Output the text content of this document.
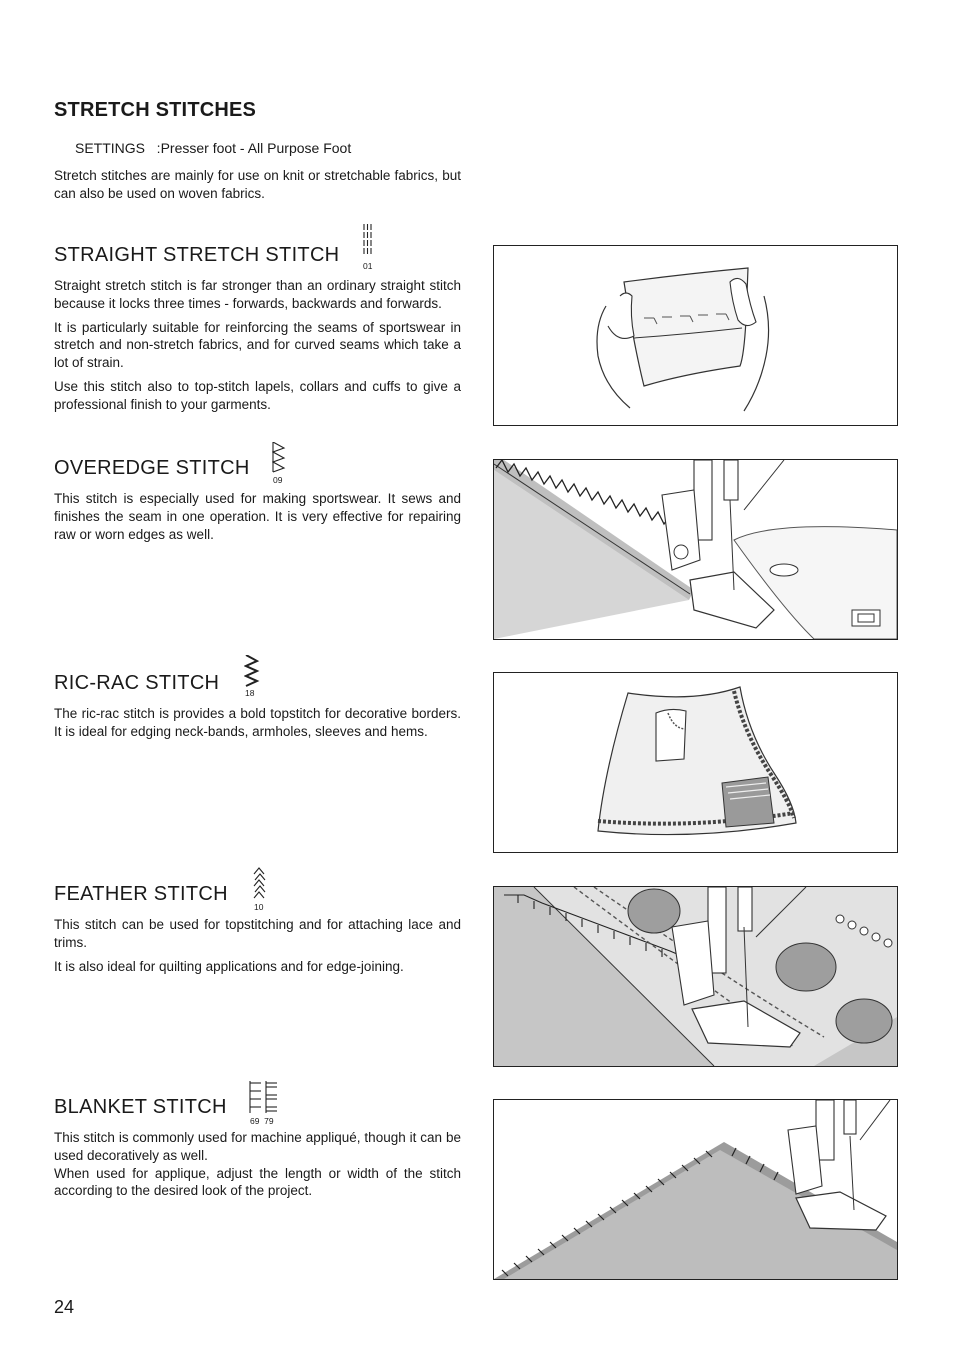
STRETCH STITCHES
SETTINGS   :Presser foot - All Purpose Foot
Stretch stitches are mainly for use on knit or stretchable fabrics, but can also be used on woven fabrics.
STRAIGHT STRETCH STITCH	01

Straight stretch stitch is far stronger than an ordinary straight stitch because it locks three times - forwards, backwards and forwards.

It is particularly suitable for reinforcing the seams of sportswear in stretch and non-stretch fabrics, and for curved seams which take a lot of strain.

Use this stitch also to top-stitch lapels, collars and cuffs to give a professional finish to your garments.

OVEREDGE STITCH
09

This stitch is especially used for making sportswear. It sews and finishes the seam in one operation. It is very effective for repairing raw or worn edges as well.

RIC-RAC STITCH	18

The ric-rac stitch is provides a bold topstitch for decorative borders. It is ideal for edging neck-bands, armholes, sleeves and hems.

FEATHER STITCH
10

This stitch can be used for topstitching and for attaching lace and trims.

It is also ideal for quilting applications and for edge-joining.

BLANKET STITCH
69  79

This stitch is commonly used for machine appliqué, though it can be used decoratively as well.

When used for applique, adjust the length or width of the stitch according to the desired look of the project.

24
